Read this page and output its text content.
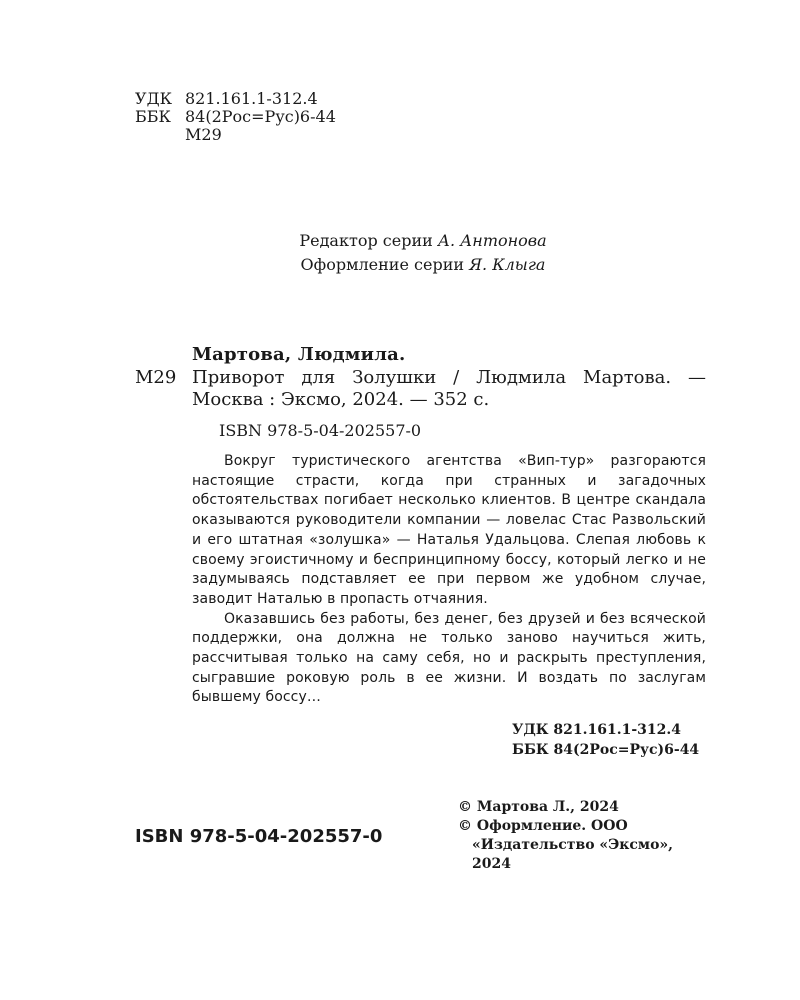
УДК 821.161.1-312.4
ББК 84(2Рос=Рус)6-44
М29
Редактор серии А. Антонова
Оформление серии Я. Клыга
Мартова, Людмила.
М29 Приворот для Золушки / Людмила Мартова. — Москва : Эксмо, 2024. — 352 с.
ISBN 978-5-04-202557-0

Вокруг туристического агентства «Вип-тур» разгораются настоящие страсти, когда при странных и загадочных обстоятельствах погибает несколько клиентов. В центре скандала оказываются руководители компании — ловелас Стас Развольский и его штатная «золушка» — Наталья Удальцова. Слепая любовь к своему эгоистичному и беспринципному боссу, который легко и не задумываясь подставляет ее при первом же удобном случае, заводит Наталью в пропасть отчаяния.

Оказавшись без работы, без денег, без друзей и без всяческой поддержки, она должна не только заново научиться жить, рассчитывая только на саму себя, но и раскрыть преступления, сыгравшие роковую роль в ее жизни. И воздать по заслугам бывшему боссу…

УДК 821.161.1-312.4
ББК 84(2Рос=Рус)6-44
ISBN 978-5-04-202557-0
© Мартова Л., 2024
© Оформление. ООО «Издательство «Эксмо», 2024
